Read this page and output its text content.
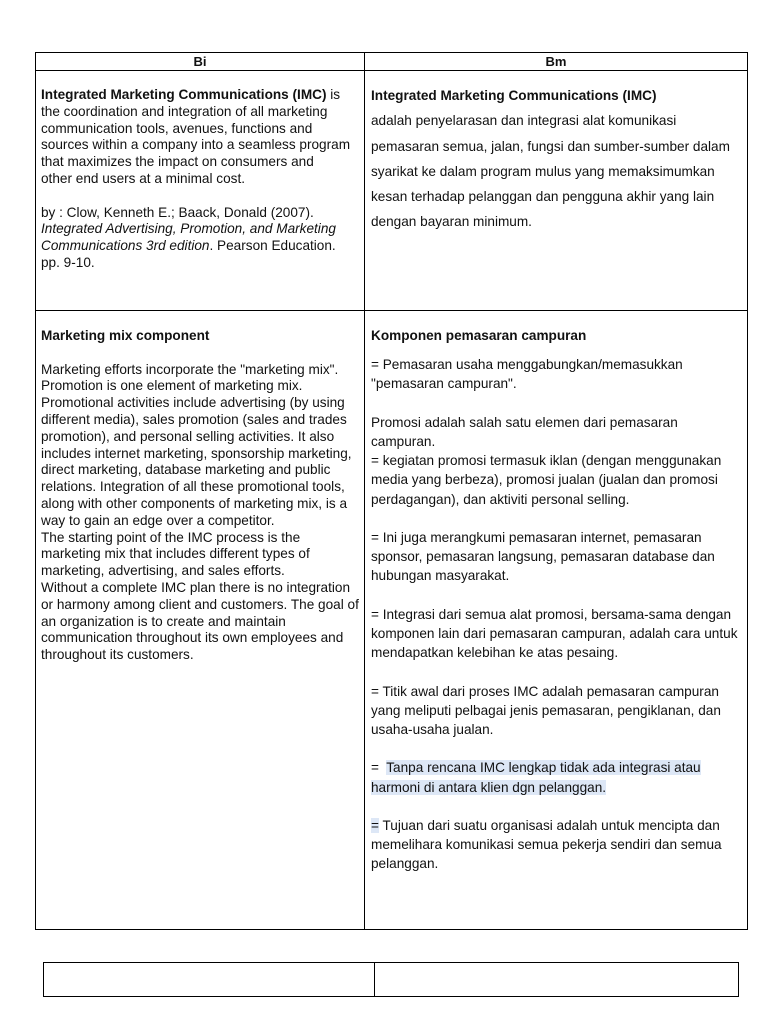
Bi	Bm

Integrated Marketing Communications (IMC) is the coordination and integration of all marketing communication tools, avenues, functions and sources within a company into a seamless program that maximizes the impact on consumers and

other end users at a minimal cost.

by : Clow, Kenneth E.; Baack, Donald (2007). Integrated Advertising, Promotion, and Marketing Communications 3rd edition. Pearson Education. pp. 9-10.

Integrated Marketing Communications (IMC)

adalah penyelarasan dan integrasi alat komunikasi pemasaran semua, jalan, fungsi dan sumber-sumber dalam syarikat ke dalam program mulus yang memaksimumkan kesan terhadap pelanggan dan pengguna akhir yang lain dengan bayaran minimum.

Marketing mix component

Marketing efforts incorporate the "marketing mix". Promotion is one element of marketing mix. Promotional activities include advertising (by using different media), sales promotion (sales and trades promotion), and personal selling activities. It also includes internet marketing, sponsorship marketing, direct marketing, database marketing and public relations. Integration of all these promotional tools, along with other components of marketing mix, is a way to gain an edge over a competitor.

The starting point of the IMC process is the marketing mix that includes different types of marketing, advertising, and sales efforts.

Without a complete IMC plan there is no integration or harmony among client and customers. The goal of an organization is to create and maintain communication throughout its own employees and throughout its customers.

Komponen pemasaran campuran

= Pemasaran usaha menggabungkan/memasukkan "pemasaran campuran".

Promosi adalah salah satu elemen dari pemasaran campuran.

= kegiatan promosi termasuk iklan (dengan menggunakan media yang berbeza), promosi jualan (jualan dan promosi perdagangan), dan aktiviti personal selling.

= Ini juga merangkumi pemasaran internet, pemasaran sponsor, pemasaran langsung, pemasaran database dan hubungan masyarakat.

= Integrasi dari semua alat promosi, bersama-sama dengan komponen lain dari pemasaran campuran, adalah cara untuk mendapatkan kelebihan ke atas pesaing.

= Titik awal dari proses IMC adalah pemasaran campuran yang meliputi pelbagai jenis pemasaran, pengiklanan, dan usaha-usaha jualan.

=  Tanpa rencana IMC lengkap tidak ada integrasi atau harmoni di antara klien dgn pelanggan.

= Tujuan dari suatu organisasi adalah untuk mencipta dan memelihara komunikasi semua pekerja sendiri dan semua pelanggan.
